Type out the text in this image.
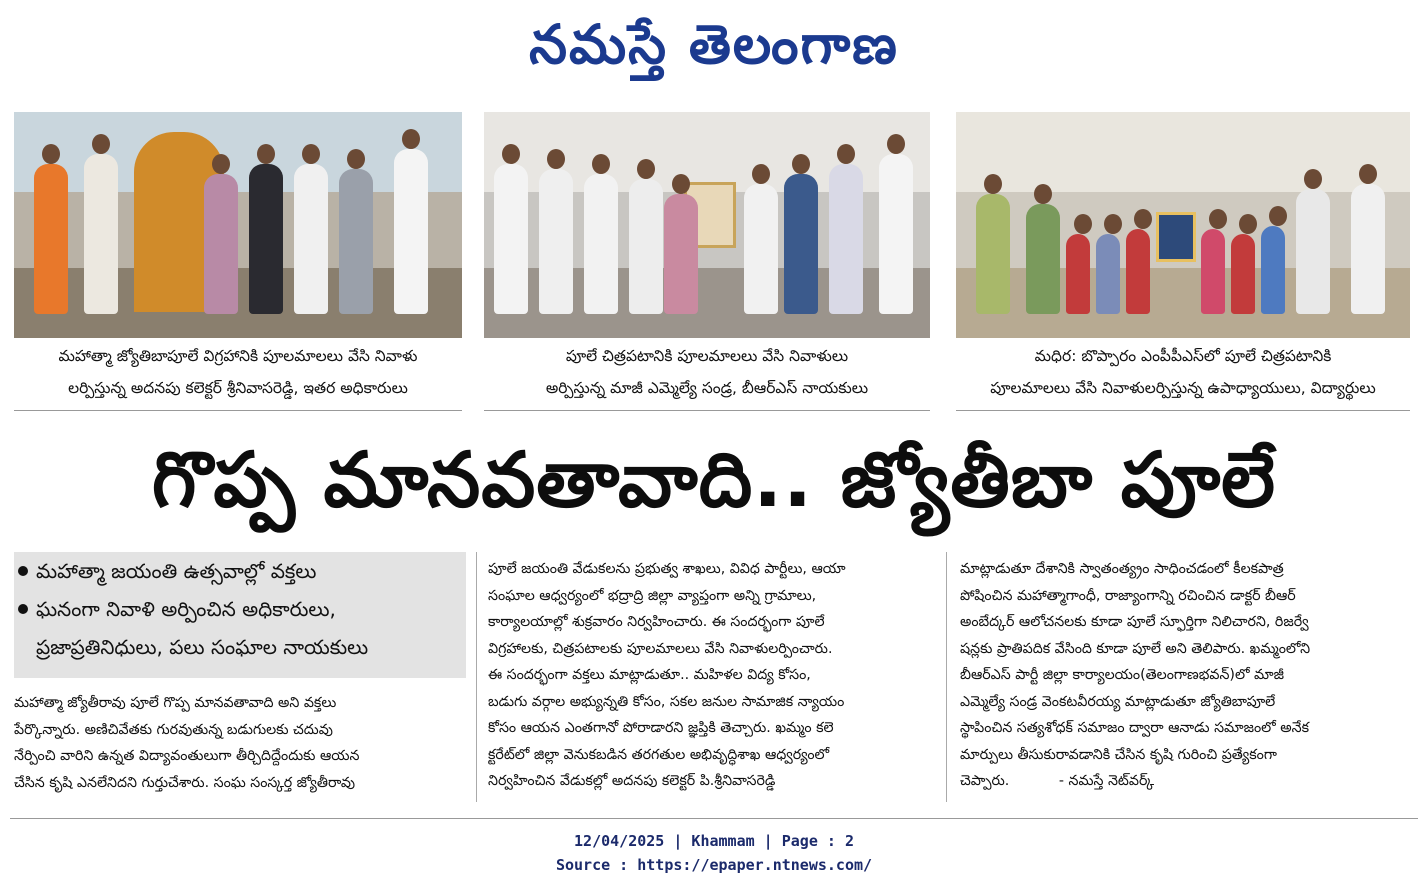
నమస్తే తెలంగాణ
మహాత్మా జ్యోతిబాపూలే విగ్రహానికి పూలమాలలు వేసి నివాళు
లర్పిస్తున్న అదనపు కలెక్టర్ శ్రీనివాసరెడ్డి, ఇతర అధికారులు
పూలే చిత్రపటానికి పూలమాలలు వేసి నివాళులు
అర్పిస్తున్న మాజీ ఎమ్మెల్యే సండ్ర, బీఆర్‌ఎస్ నాయకులు
మధిర: బొప్పారం ఎంపీపీఎస్‌లో పూలే చిత్రపటానికి
పూలమాలలు వేసి నివాళులర్పిస్తున్న ఉపాధ్యాయులు, విద్యార్థులు
గొప్ప మానవతావాది.. జ్యోతీబా పూలే
మహాత్మా జయంతి ఉత్సవాల్లో వక్తలు
ఘనంగా నివాళి అర్పించిన అధికారులు,
ప్రజాప్రతినిధులు, పలు సంఘాల నాయకులు
మహాత్మా జ్యోతీరావు పూలే గొప్ప మానవతావాది అని వక్తలు
పేర్కొన్నారు. అణిచివేతకు గురవుతున్న బడుగులకు చదువు
నేర్పించి వారిని ఉన్నత విద్యావంతులుగా తీర్చిదిద్దేందుకు ఆయన
చేసిన కృషి ఎనలేనిదని గుర్తుచేశారు. సంఘ సంస్కర్త జ్యోతీరావు
పూలే జయంతి వేడుకలను ప్రభుత్వ శాఖలు, వివిధ పార్టీలు, ఆయా
సంఘాల ఆధ్వర్యంలో భద్రాద్రి జిల్లా వ్యాప్తంగా అన్ని గ్రామాలు,
కార్యాలయాల్లో శుక్రవారం నిర్వహించారు. ఈ సందర్భంగా పూలే
విగ్రహాలకు, చిత్రపటాలకు పూలమాలలు వేసి నివాళులర్పించారు.
ఈ సందర్భంగా వక్తలు మాట్లాడుతూ.. మహిళల విద్య కోసం,
బడుగు వర్గాల అభ్యున్నతి కోసం, సకల జనుల సామాజిక న్యాయం
కోసం ఆయన ఎంతగానో పోరాడారని జ్ఞప్తికి తెచ్చారు. ఖమ్మం కలె
క్టరేట్‌లో జిల్లా వెనుకబడిన తరగతుల అభివృద్ధిశాఖ ఆధ్వర్యంలో
నిర్వహించిన వేడుకల్లో అదనపు కలెక్టర్ పి.శ్రీనివాసరెడ్డి
మాట్లాడుతూ దేశానికి స్వాతంత్య్రం సాధించడంలో కీలకపాత్ర
పోషించిన మహాత్మాగాంధీ, రాజ్యాంగాన్ని రచించిన డాక్టర్ బీఆర్
అంబేద్కర్ ఆలోచనలకు కూడా పూలే స్ఫూర్తిగా నిలిచారని, రిజర్వే
షన్లకు ప్రాతిపదిక వేసింది కూడా పూలే అని తెలిపారు. ఖమ్మంలోని
బీఆర్‌ఎస్ పార్టీ జిల్లా కార్యాలయం(తెలంగాణభవన్)లో మాజీ
ఎమ్మెల్యే సండ్ర వెంకటవీరయ్య మాట్లాడుతూ జ్యోతిబాపూలే
స్థాపించిన సత్యశోధక్ సమాజం ద్వారా ఆనాడు సమాజంలో అనేక
మార్పులు తీసుకురావడానికి చేసిన కృషి గురించి ప్రత్యేకంగా
చెప్పారు.           - నమస్తే నెట్‌వర్క్
12/04/2025 | Khammam | Page : 2
Source : https://epaper.ntnews.com/
